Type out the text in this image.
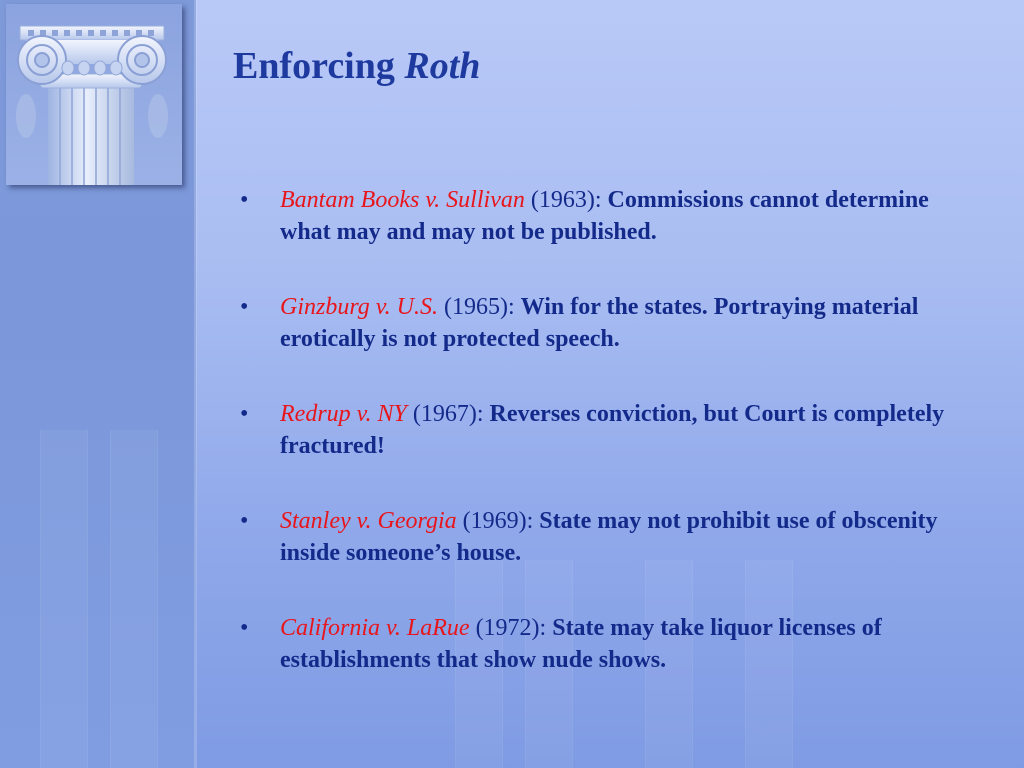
Enforcing Roth
• Bantam Books v. Sullivan (1963): Commissions cannot determine what may and may not be published.
• Ginzburg v. U.S. (1965): Win for the states. Portraying material erotically is not protected speech.
• Redrup v. NY (1967): Reverses conviction, but Court is completely fractured!
• Stanley v. Georgia (1969): State may not prohibit use of obscenity inside someone’s house.
• California v. LaRue (1972): State may take liquor licenses of establishments that show nude shows.
